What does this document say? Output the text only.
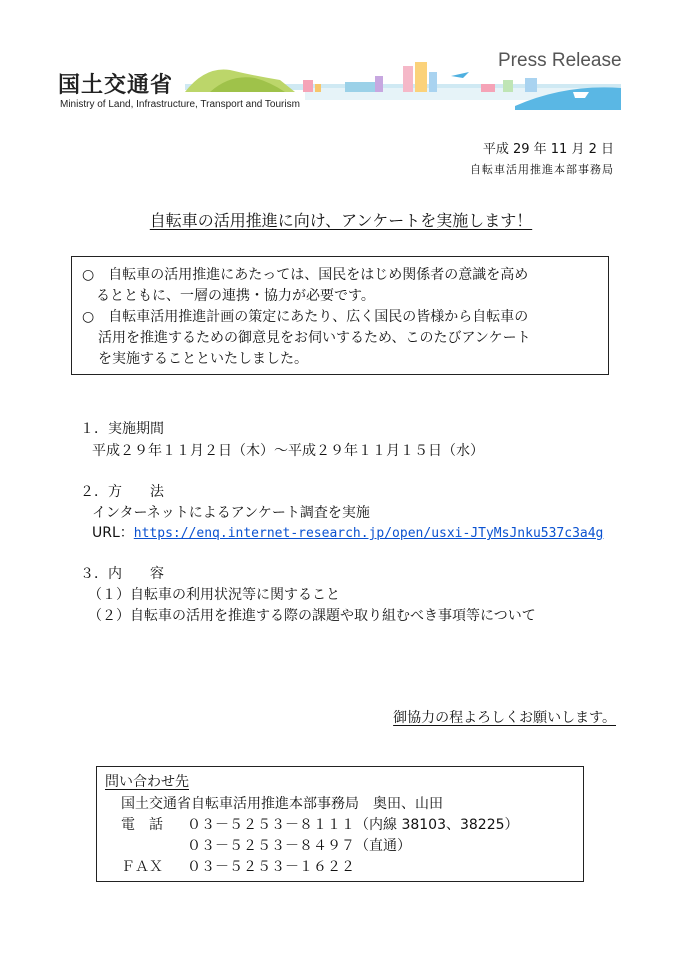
国土交通省
Ministry of Land, Infrastructure, Transport and Tourism
Press Release
平成 29 年 11 月 2 日
自転車活用推進本部事務局
自転車の活用推進に向け、アンケートを実施します！
○　自転車の活用推進にあたっては、国民をはじめ関係者の意識を高め
るとともに、一層の連携・協力が必要です。
○　自転車活用推進計画の策定にあたり、広く国民の皆様から自転車の
活用を推進するための御意見をお伺いするため、このたびアンケート
を実施することといたしました。
１．実施期間
平成２９年１１月２日（木）～平成２９年１１月１５日（水）
２．方　　法
インターネットによるアンケート調査を実施
URL：https://enq.internet-research.jp/open/usxi-JTyMsJnku537c3a4g
３．内　　容
（１）自転車の利用状況等に関すること
（２）自転車の活用を推進する際の課題や取り組むべき事項等について
御協力の程よろしくお願いします。
問い合わせ先
国土交通省自転車活用推進本部事務局　奥田、山田
電　話 ０３－５２５３－８１１１（内線 38103、38225）
０３－５２５３－８４９７（直通）
ＦＡＸ ０３－５２５３－１６２２
